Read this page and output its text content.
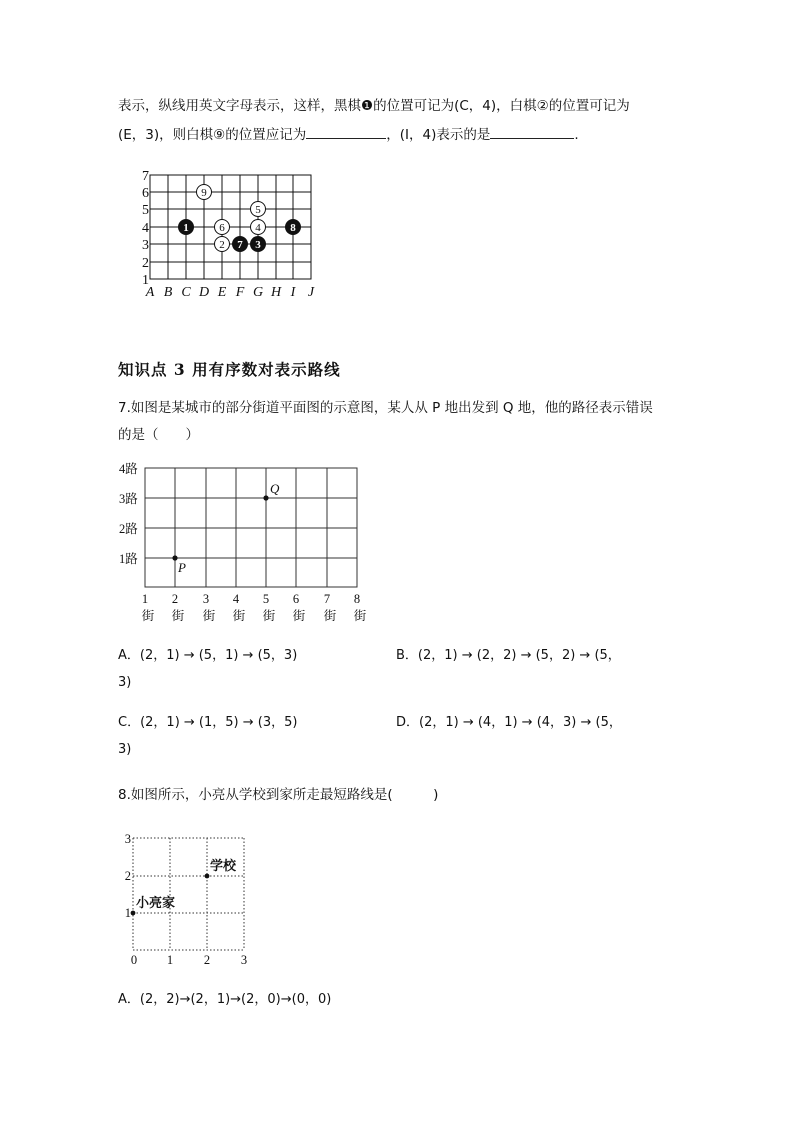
表示，纵线用英文字母表示，这样，黑棋❶的位置可记为(C，4)，白棋②的位置可记为
(E，3)，则白棋⑨的位置应记为	，(I，4)表示的是	.
1
2
3
4
5
6
7
A B C D E F G H I J
9
6
2
5
4
1
7 3
8
知识点 3 用有序数对表示路线
7.如图是某城市的部分街道平面图的示意图，某人从 P 地出发到 Q 地，他的路径表示错误
的是（　　）
1路
2路
3路
4路
1 2 3 4 5 6 7 8
街 街 街 街 街 街 街 街
P
Q
A．(2，1) → (5，1) → (5，3)	B．(2，1) → (2，2) → (5，2) → (5，
3)
C．(2，1) → (1，5) → (3，5)	D．(2，1) → (4，1) → (4，3) → (5，
3)
8.如图所示，小亮从学校到家所走最短路线是(　　　)
0 1 2 3
1
2
3
学校
小亮家
A．(2，2)→(2，1)→(2，0)→(0，0)
